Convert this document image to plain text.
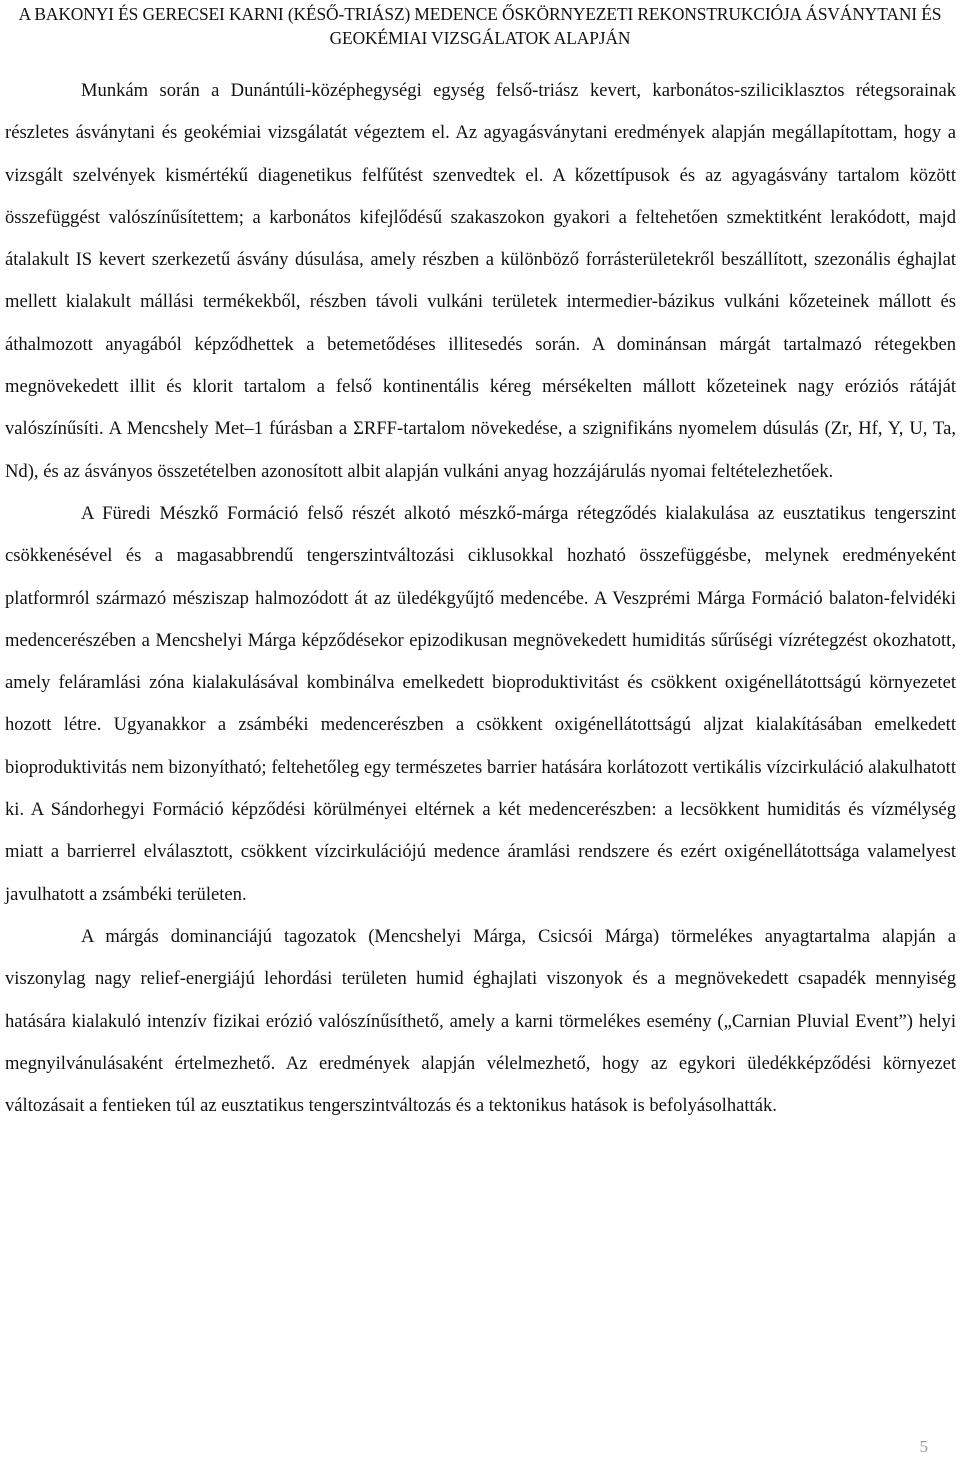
A BAKONYI ÉS GERECSEI KARNI (KÉSŐ-TRIÁSZ) MEDENCE ŐSKÖRNYEZETI REKONSTRUKCIÓJA ÁSVÁNYTANI ÉS GEOKÉMIAI VIZSGÁLATOK ALAPJÁN

Munkám során a Dunántúli-középhegységi egység felső-triász kevert, karbonátos-sziliciklasztos rétegsorainak részletes ásványtani és geokémiai vizsgálatát végeztem el. Az agyagásványtani eredmények alapján megállapítottam, hogy a vizsgált szelvények kismértékű diagenetikus felfűtést szenvedtek el. A kőzettípusok és az agyagásvány tartalom között összefüggést valószínűsítettem; a karbonátos kifejlődésű szakaszokon gyakori a feltehetően szmektitként lerakódott, majd átalakult IS kevert szerkezetű ásvány dúsulása, amely részben a különböző forrásterületekről beszállított, szezonális éghajlat mellett kialakult mállási termékekből, részben távoli vulkáni területek intermedier-bázikus vulkáni kőzeteinek mállott és áthalmozott anyagából képződhettek a betemetődéses illitesedés során. A dominánsan márgát tartalmazó rétegekben megnövekedett illit és klorit tartalom a felső kontinentális kéreg mérsékelten mállott kőzeteinek nagy eróziós rátáját valószínűsíti. A Mencshely Met–1 fúrásban a ΣRFF-tartalom növekedése, a szignifikáns nyomelem dúsulás (Zr, Hf, Y, U, Ta, Nd), és az ásványos összetételben azonosított albit alapján vulkáni anyag hozzájárulás nyomai feltételezhetőek.

A Füredi Mészkő Formáció felső részét alkotó mészkő-márga rétegződés kialakulása az eusztatikus tengerszint csökkenésével és a magasabbrendű tengerszintváltozási ciklusokkal hozható összefüggésbe, melynek eredményeként platformról származó mésziszap halmozódott át az üledékgyűjtő medencébe. A Veszprémi Márga Formáció balaton-felvidéki medencerészében a Mencshelyi Márga képződésekor epizodikusan megnövekedett humiditás sűrűségi vízrétegzést okozhatott, amely feláramlási zóna kialakulásával kombinálva emelkedett bioproduktivitást és csökkent oxigénellátottságú környezetet hozott létre. Ugyanakkor a zsámbéki medencerészben a csökkent oxigénellátottságú aljzat kialakításában emelkedett bioproduktivitás nem bizonyítható; feltehetőleg egy természetes barrier hatására korlátozott vertikális vízcirkuláció alakulhatott ki. A Sándorhegyi Formáció képződési körülményei eltérnek a két medencerészben: a lecsökkent humiditás és vízmélység miatt a barrierrel elválasztott, csökkent vízcirkulációjú medence áramlási rendszere és ezért oxigénellátottsága valamelyest javulhatott a zsámbéki területen.

A márgás dominanciájú tagozatok (Mencshelyi Márga, Csicsói Márga) törmelékes anyagtartalma alapján a viszonylag nagy relief-energiájú lehordási területen humid éghajlati viszonyok és a megnövekedett csapadék mennyiség hatására kialakuló intenzív fizikai erózió valószínűsíthető, amely a karni törmelékes esemény („Carnian Pluvial Event”) helyi megnyilvánulásaként értelmezhető. Az eredmények alapján vélelmezhető, hogy az egykori üledékképződési környezet változásait a fentieken túl az eusztatikus tengerszintváltozás és a tektonikus hatások is befolyásolhatták.

5
